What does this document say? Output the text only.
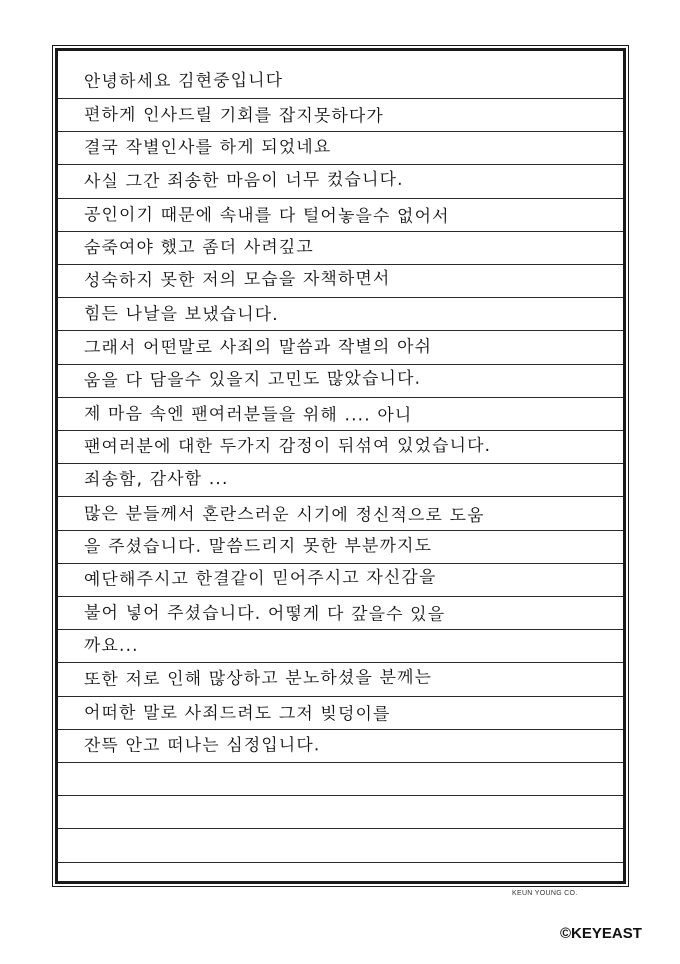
안녕하세요 김현중입니다
편하게 인사드릴 기회를 잡지못하다가
결국 작별인사를 하게 되었네요
사실 그간 죄송한 마음이 너무 컸습니다.
공인이기 때문에 속내를 다 털어놓을수 없어서
숨죽여야 했고 좀더 사려깊고
성숙하지 못한 저의 모습을 자책하면서
힘든 나날을 보냈습니다.
그래서 어떤말로 사죄의 말씀과 작별의 아쉬
움을 다 담을수 있을지 고민도 많았습니다.
제 마음 속엔 팬여러분들을 위해 .... 아니
팬여러분에 대한 두가지 감정이 뒤섞여 있었습니다.
죄송함, 감사함 ...
많은 분들께서 혼란스러운 시기에 정신적으로 도움
을 주셨습니다. 말씀드리지 못한 부분까지도
예단해주시고 한결같이 믿어주시고 자신감을
불어 넣어 주셨습니다. 어떻게 다 갚을수 있을
까요...
또한 저로 인해 많상하고 분노하셨을 분께는
어떠한 말로 사죄드려도 그저 빚덩이를
잔뜩 안고 떠나는 심정입니다.
KEUN YOUNG CO.
©KEYEAST
